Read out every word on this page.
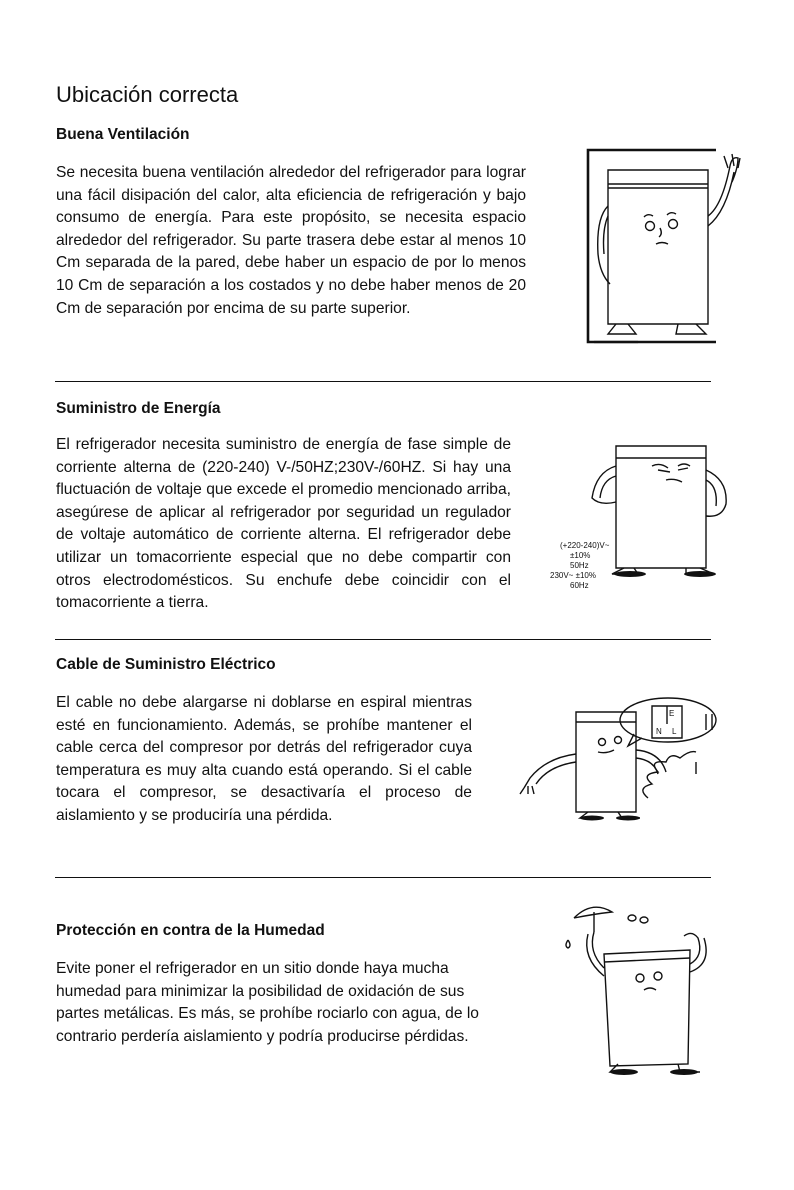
Ubicación correcta
Buena Ventilación

Se necesita buena ventilación alrededor del refrigerador para lograr una fácil disipación del calor, alta eficiencia de refrigeración y bajo consumo de energía. Para este propósito, se necesita espacio alrededor del refrigerador. Su parte trasera debe estar al menos 10 Cm separada de la pared, debe haber un espacio de por lo menos 10 Cm de separación a los costados y no debe haber menos de 20 Cm de separación por encima de su parte superior.

Suministro de Energía

El refrigerador necesita suministro de energía de fase simple de corriente alterna de (220-240) V-/50HZ;230V-/60HZ. Si hay una fluctuación de voltaje que excede el promedio mencionado arriba, asegúrese de aplicar al refrigerador por seguridad un regulador de voltaje automático de corriente alterna. El refrigerador debe utilizar un tomacorriente especial que no debe compartir con otros electrodomésticos. Su enchufe debe coincidir con el tomacorriente a tierra.

(+220-240)V~
±10%
50Hz
230V~ ±10%
60Hz
Cable de Suministro Eléctrico

El cable no debe alargarse ni doblarse en espiral mientras esté en funcionamiento. Además, se prohíbe mantener el cable cerca del compresor por detrás del refrigerador cuya temperatura es muy alta cuando está operando. Si el cable tocara el compresor, se desactivaría el proceso de aislamiento y se produciría una pérdida.

E
N L
Protección en contra de la Humedad

Evite poner el refrigerador en un sitio donde haya mucha humedad para minimizar la posibilidad de oxidación de sus partes metálicas. Es más, se prohíbe rociarlo con agua, de lo contrario perdería aislamiento y podría producirse pérdidas.
